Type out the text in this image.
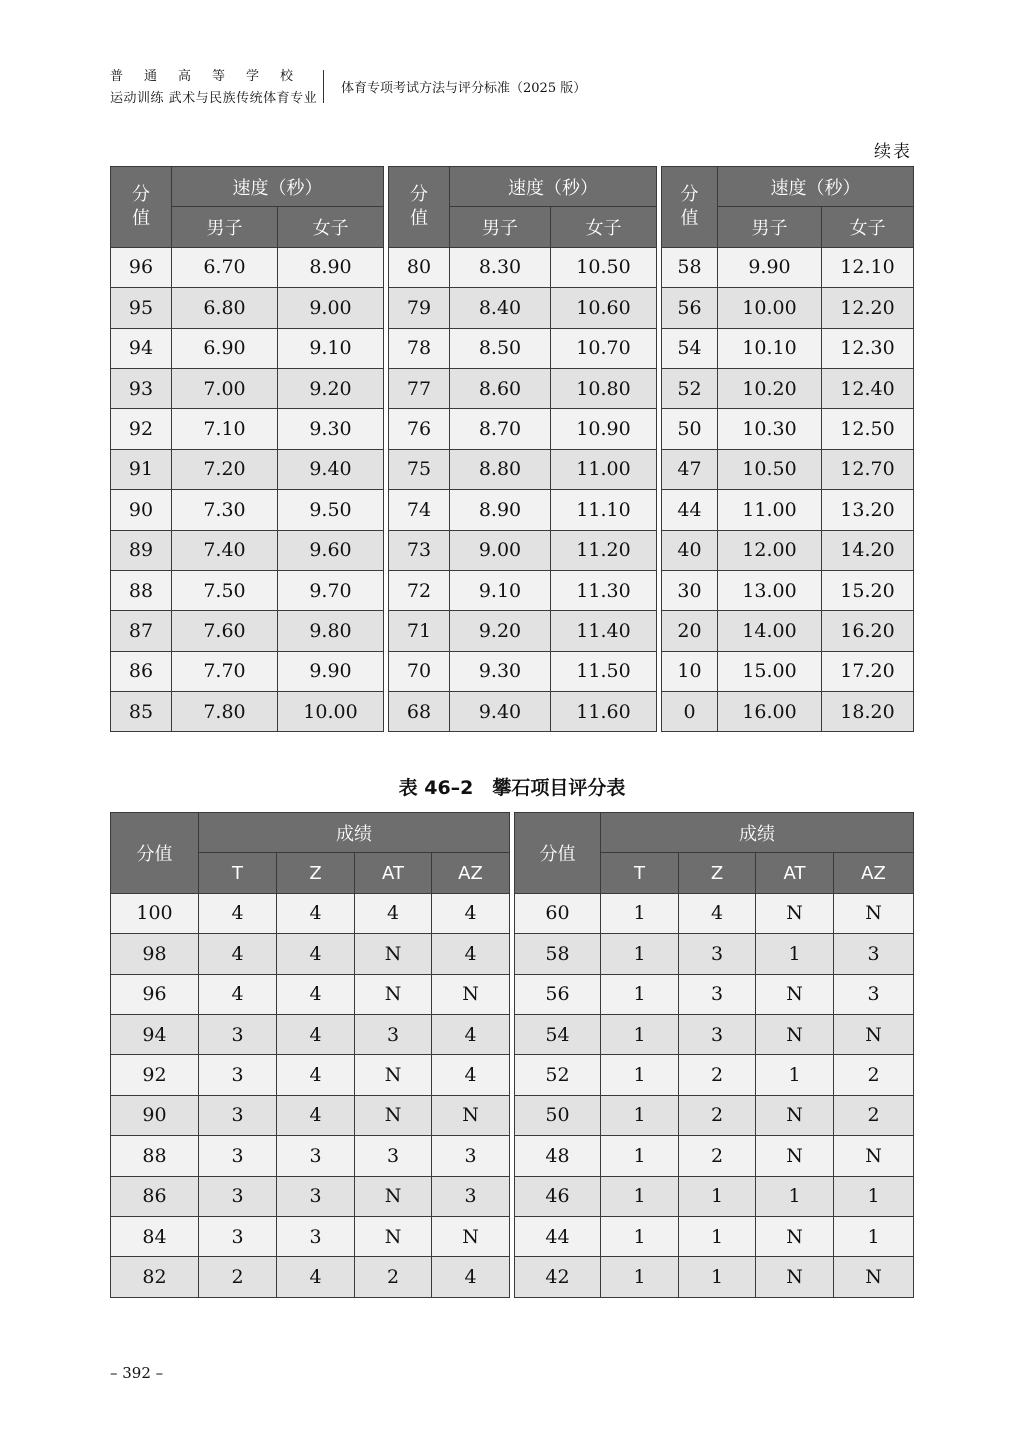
普通高等学校
运动训练 武术与民族传统体育专业
体育专项考试方法与评分标准（2025 版）
续表
分值	速度（秒）	
	男子	女子
96	6.70	8.90
95	6.80	9.00
94	6.90	9.10
93	7.00	9.20
92	7.10	9.30
91	7.20	9.40
90	7.30	9.50
89	7.40	9.60
88	7.50	9.70
87	7.60	9.80
86	7.70	9.90
85	7.80	10.00
分值	速度（秒）	
	男子	女子
80	8.30	10.50
79	8.40	10.60
78	8.50	10.70
77	8.60	10.80
76	8.70	10.90
75	8.80	11.00
74	8.90	11.10
73	9.00	11.20
72	9.10	11.30
71	9.20	11.40
70	9.30	11.50
68	9.40	11.60
分值	速度（秒）	
	男子	女子
58	9.90	12.10
56	10.00	12.20
54	10.10	12.30
52	10.20	12.40
50	10.30	12.50
47	10.50	12.70
44	11.00	13.20
40	12.00	14.20
30	13.00	15.20
20	14.00	16.20
10	15.00	17.20
0	16.00	18.20
表 46–2　攀石项目评分表
分值	成绩			
	T	Z	AT	AZ
100	4	4	4	4
98	4	4	N	4
96	4	4	N	N
94	3	4	3	4
92	3	4	N	4
90	3	4	N	N
88	3	3	3	3
86	3	3	N	3
84	3	3	N	N
82	2	4	2	4
分值	成绩			
	T	Z	AT	AZ
60	1	4	N	N
58	1	3	1	3
56	1	3	N	3
54	1	3	N	N
52	1	2	1	2
50	1	2	N	2
48	1	2	N	N
46	1	1	1	1
44	1	1	N	1
42	1	1	N	N
– 392 –
